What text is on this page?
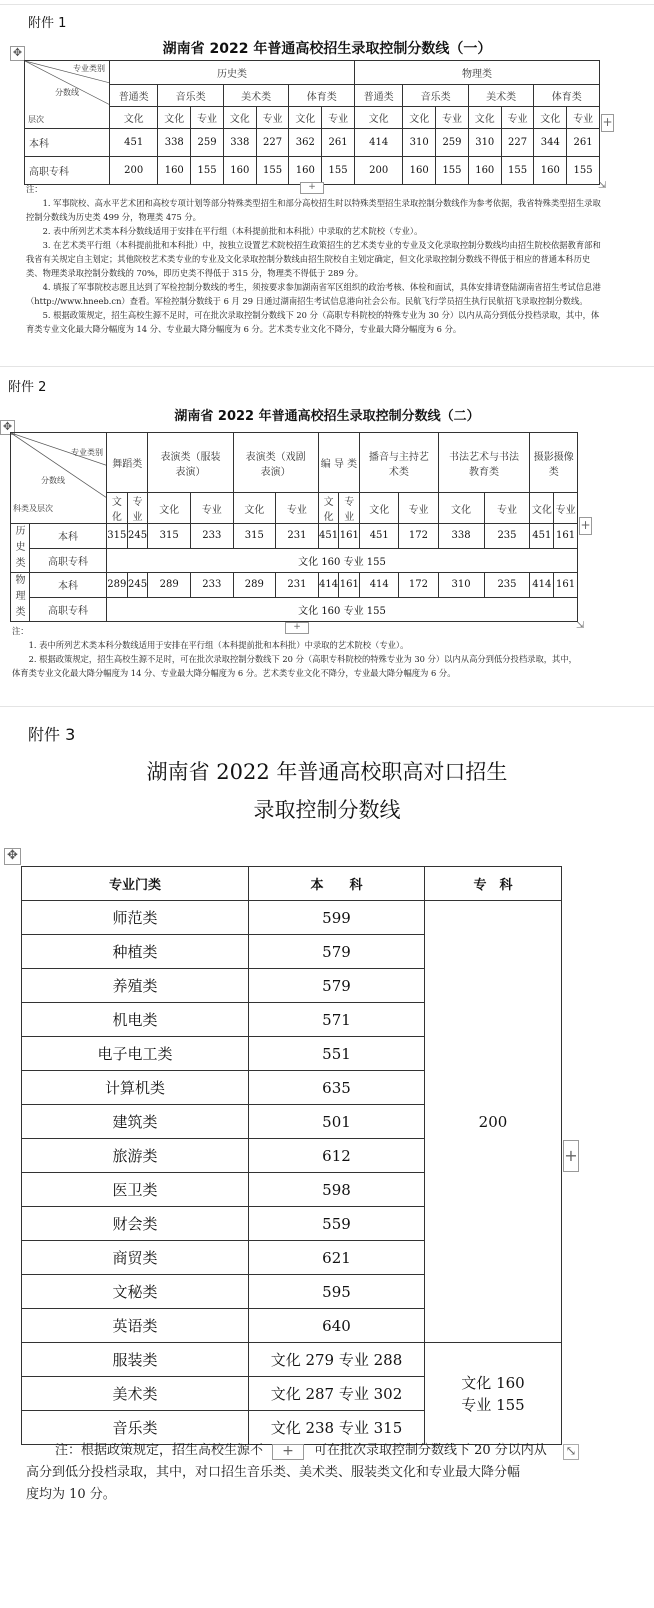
附件 1
湖南省 2022 年普通高校招生录取控制分数线（一）
✥
专业类别
分数线
层次	历史类							物理类						
	普通类	音乐类		美术类		体育类		普通类	音乐类		美术类		体育类	
	文化	文化	专业	文化	专业	文化	专业	文化	文化	专业	文化	专业	文化	专业
本科	451	338	259	338	227	362	261	414	310	259	310	227	344	261
高职专科	200	160	155	160	155	160	155	200	160	155	160	155	160	155
+
+	⇲

注：

1. 军事院校、高水平艺术团和高校专项计划等部分特殊类型招生和部分高校招生时以特殊类型招生录取控制分数线作为参考依据，我省特殊类型招生录取控制分数线为历史类 499 分，物理类 475 分。

2. 表中所列艺术类本科分数线适用于安排在平行组（本科提前批和本科批）中录取的艺术院校（专业）。

3. 在艺术类平行组（本科提前批和本科批）中，按独立设置艺术院校招生政策招生的艺术类专业的专业及文化录取控制分数线均由招生院校依据教育部和我省有关规定自主划定；其他院校艺术类专业的专业及文化录取控制分数线由招生院校自主划定确定，但文化录取控制分数线不得低于相应的普通本科历史类、物理类录取控制分数线的 70%，即历史类不得低于 315 分，物理类不得低于 289 分。

4. 填报了军事院校志愿且达到了军检控制分数线的考生，须按要求参加湖南省军区组织的政治考核、体检和面试，具体安排请登陆湖南省招生考试信息港（http://www.hneeb.cn）查看。军检控制分数线于 6 月 29 日通过湖南招生考试信息港向社会公布。民航飞行学员招生执行民航招飞录取控制分数线。

5. 根据政策规定，招生高校生源不足时，可在批次录取控制分数线下 20 分（高职专科院校的特殊专业为 30 分）以内从高分到低分投档录取，其中，体育类专业文化最大降分幅度为 14 分、专业最大降分幅度为 6 分。艺术类专业文化不降分，专业最大降分幅度为 6 分。

附件 2
湖南省 2022 年普通高校招生录取控制分数线（二）
✥
专业类别
分数线
科类及层次		舞蹈类		表演类（服装表演）		表演类（戏剧表演）		编 导 类		播音与主持艺术类		书法艺术与书法教育类		摄影摄像类	
		文化	专业	文化	专业	文化	专业	文化	专业	文化	专业	文化	专业	文化	专业
历史类	本科	315	245	315	233	315	231	451	161	451	172	338	235	451	161
	高职专科	文化 160 专业 155													
物理类	本科	289	245	289	233	289	231	414	161	414	172	310	235	414	161
	高职专科	文化 160 专业 155													
+
+	⇲

注：

1. 表中所列艺术类本科分数线适用于安排在平行组（本科提前批和本科批）中录取的艺术院校（专业）。

2. 根据政策规定，招生高校生源不足时，可在批次录取控制分数线下 20 分（高职专科院校的特殊专业为 30 分）以内从高分到低分投档录取，其中，体育类专业文化最大降分幅度为 14 分、专业最大降分幅度为 6 分。艺术类专业文化不降分，专业最大降分幅度为 6 分。

附件 3
湖南省 2022 年普通高校职高对口招生
录取控制分数线
✥
专业门类	本　　科	专　科
师范类	599	200
种植类	579	
养殖类	579	
机电类	571	
电子电工类	551	
计算机类	635	
建筑类	501	
旅游类	612	
医卫类	598	
财会类	559	
商贸类	621	
文秘类	595	
英语类	640	
服装类	文化 279 专业 288	文化 160
专业 155

美术类	文化 287 专业 302	
音乐类	文化 238 专业 315	
+
+	⤡
注：根据政策规定，招生高校生源不	可在批次录取控制分数线下 20 分以内从
高分到低分投档录取，其中，对口招生音乐类、美术类、服装类文化和专业最大降分幅
度均为 10 分。
